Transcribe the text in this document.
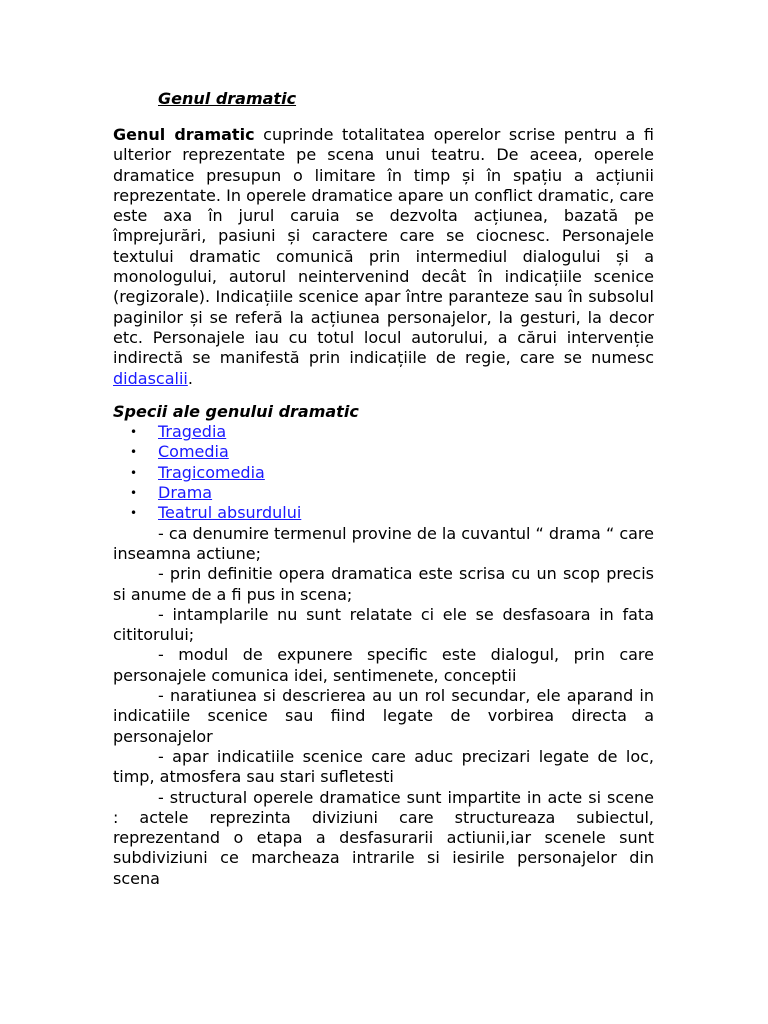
Genul dramatic

Genul dramatic cuprinde totalitatea operelor scrise pentru a fi ulterior reprezentate pe scena unui teatru. De aceea, operele dramatice presupun o limitare în timp și în spațiu a acțiunii reprezentate. In operele dramatice apare un conflict dramatic, care este axa în jurul caruia se dezvolta acțiunea, bazată pe împrejurări, pasiuni și caractere care se ciocnesc. Personajele textului dramatic comunică prin intermediul dialogului și a monologului, autorul neintervenind decât în indicațiile scenice (regizorale). Indicațiile scenice apar între paranteze sau în subsolul paginilor și se referă la acțiunea personajelor, la gesturi, la decor etc. Personajele iau cu totul locul autorului, a cărui intervenție indirectă se manifestă prin indicațiile de regie, care se numesc didascalii.

Specii ale genului dramatic
• Tragedia
• Comedia
• Tragicomedia
• Drama
• Teatrul absurdului

- ca denumire termenul provine de la cuvantul “ drama “ care inseamna actiune;

- prin definitie opera dramatica este scrisa cu un scop precis si anume de a fi pus in scena;

- intamplarile nu sunt relatate ci ele se desfasoara in fata cititorului;

- modul de expunere specific este dialogul, prin care personajele comunica idei, sentimenete, conceptii

- naratiunea si descrierea au un rol secundar, ele aparand in indicatiile scenice sau fiind legate de vorbirea directa a personajelor

- apar indicatiile scenice care aduc precizari legate de loc, timp, atmosfera sau stari sufletesti

- structural operele dramatice sunt impartite in acte si scene : actele reprezinta diviziuni care structureaza subiectul, reprezentand o etapa a desfasurarii actiunii,iar scenele sunt subdiviziuni ce marcheaza intrarile si iesirile personajelor din scena
